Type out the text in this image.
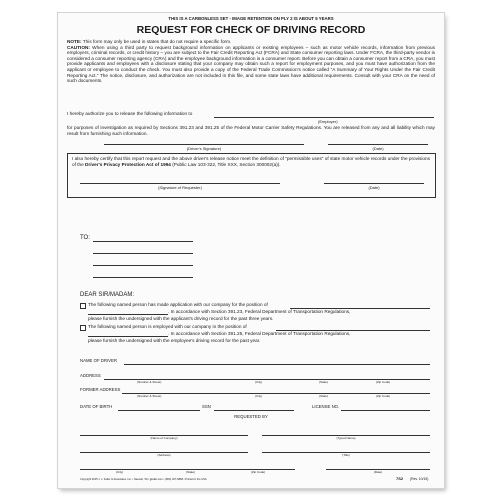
THIS IS A CARBONLESS SET - IMAGE RETENTION ON PLY 2 IS ABOUT 5 YEARS
REQUEST FOR CHECK OF DRIVING RECORD

NOTE: This form may only be used in states that do not require a specific form.

CAUTION: When using a third party to request background information on applicants or existing employees – such as motor vehicle records, information from previous employers, criminal records, or credit history – you are subject to the Fair Credit Reporting Act (FCRA) and State consumer reporting laws. Under FCRA, the third-party vendor is considered a consumer reporting agency (CRA) and the employee background information is a consumer report. Before you can obtain a consumer report from a CRA, you must provide applicants and employees with a disclosure stating that your company may obtain such a report for employment purposes, and you must have authorization from the applicant or employee to conduct the check. You must also provide a copy of the Federal Trade Commission's notice called "A Summary of Your Rights Under the Fair Credit Reporting Act." The notice, disclosure, and authorization are not included in this file, and some state laws have additional requirements. Consult with your CRA on the need of such documents.

I hereby authorize you to release the following information to
(Employer)
for purposes of investigation as required by Sections 391.23 and 391.25 of the Federal Motor Carrier Safety Regulations. You are released from any and all liability which may result from furnishing such information.
(Driver's Signature)	(Date)
I also hereby certify that this report request and the above driver's release notice meet the definition of "permissible uses" of state motor vehicle records under the provisions of the Driver's Privacy Protection Act of 1994 (Public Law 103-322, Title XXX, Section 300002(a)).
(Signature of Requester)	(Date)
TO:
DEAR SIR/MADAM:
The following named person has made application with our company for the position of
. In accordance with Section 391.23, Federal Department of Transportation Regulations,
please furnish the undersigned with the applicant's driving record for the past three years.
The following named person is employed with our company in the position of
. In accordance with Section 391.25, Federal Department of Transportation Regulations,
please furnish the undersigned with the employee's driving record for the past year.
NAME OF DRIVER
ADDRESS
(Number & Street)	(City)	(State)	(Zip Code)
FORMER ADDRESS
(Number & Street)	(City)	(State)	(Zip Code)
DATE OF BIRTH	SSN	LICENSE NO.
REQUESTED BY
(Name of Company)	(Typed Name)
(Address)	(Title)
(City)	(State)	(Zip Code)	(Date)
Copyright 2015 J. J. Keller & Associates, Inc. • Neenah, WI • jjkeller.com • (800) 327-6868 • Printed in the USA	7S2 (Rev. 10/15)
